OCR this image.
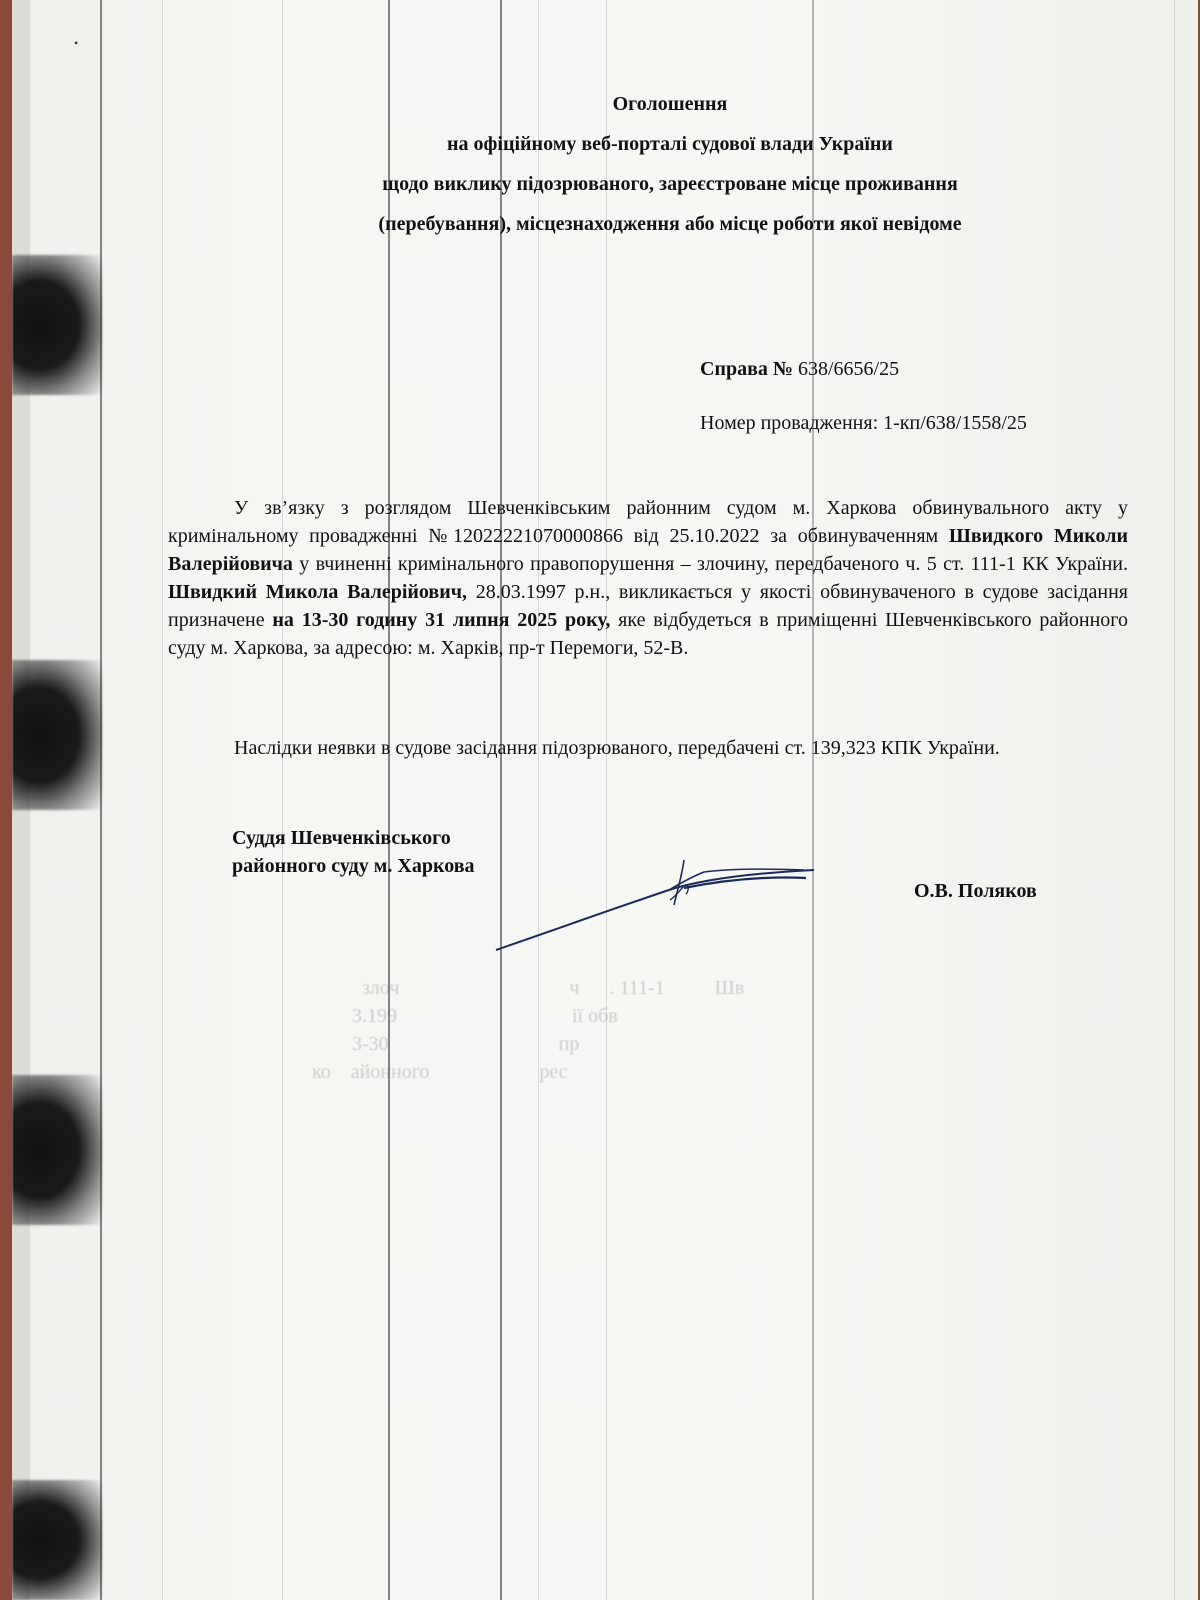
•
злоч                                  ч      . 111-1          Шв
3.199                                   ії обв
3-30                                  пр
ко    айонного                      рес
Оголошення
на офіційному веб-порталі судової влади України
щодо виклику підозрюваного, зареєстроване місце проживання
(перебування), місцезнаходження або місце роботи якої невідоме
Справа № 638/6656/25
Номер провадження: 1-кп/638/1558/25
У зв’язку з розглядом Шевченківським районним судом м. Харкова обвинувального акту у кримінальному провадженні №12022221070000866 від 25.10.2022 за обвинуваченням Швидкого Миколи Валерійовича у вчиненні кримінального правопорушення – злочину, передбаченого ч. 5 ст. 111-1 КК України. Швидкий Микола Валерійович, 28.03.1997 р.н., викликається у якості обвинуваченого в судове засідання призначене на 13-30 годину 31 липня 2025 року, яке відбудеться в приміщенні Шевченківського районного суду м. Харкова, за адресою: м. Харків, пр-т Перемоги, 52-В.
Наслідки неявки в судове засідання підозрюваного, передбачені ст. 139,323 КПК України.
Суддя Шевченківського
районного суду м. Харкова
О.В. Поляков
